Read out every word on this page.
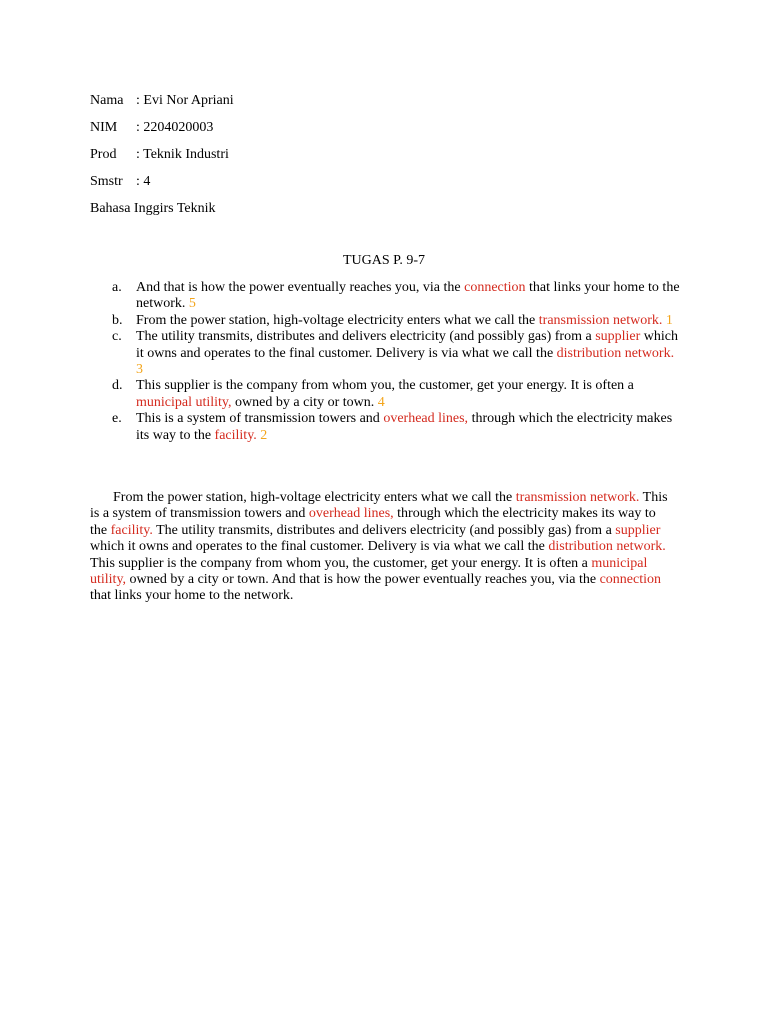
Nama : Evi Nor Apriani
NIM : 2204020003
Prod : Teknik Industri
Smstr : 4
Bahasa Inggirs Teknik
TUGAS P. 9-7
a. And that is how the power eventually reaches you, via the connection that links your home to the network. 5
b. From the power station, high-voltage electricity enters what we call the transmission network. 1
c. The utility transmits, distributes and delivers electricity (and possibly gas) from a supplier which it owns and operates to the final customer. Delivery is via what we call the distribution network. 3
d. This supplier is the company from whom you, the customer, get your energy. It is often a municipal utility, owned by a city or town. 4
e. This is a system of transmission towers and overhead lines, through which the electricity makes its way to the facility. 2

From the power station, high-voltage electricity enters what we call the transmission network. This is a system of transmission towers and overhead lines, through which the electricity makes its way to the facility. The utility transmits, distributes and delivers electricity (and possibly gas) from a supplier which it owns and operates to the final customer. Delivery is via what we call the distribution network. This supplier is the company from whom you, the customer, get your energy. It is often a municipal utility, owned by a city or town. And that is how the power eventually reaches you, via the connection that links your home to the network.
